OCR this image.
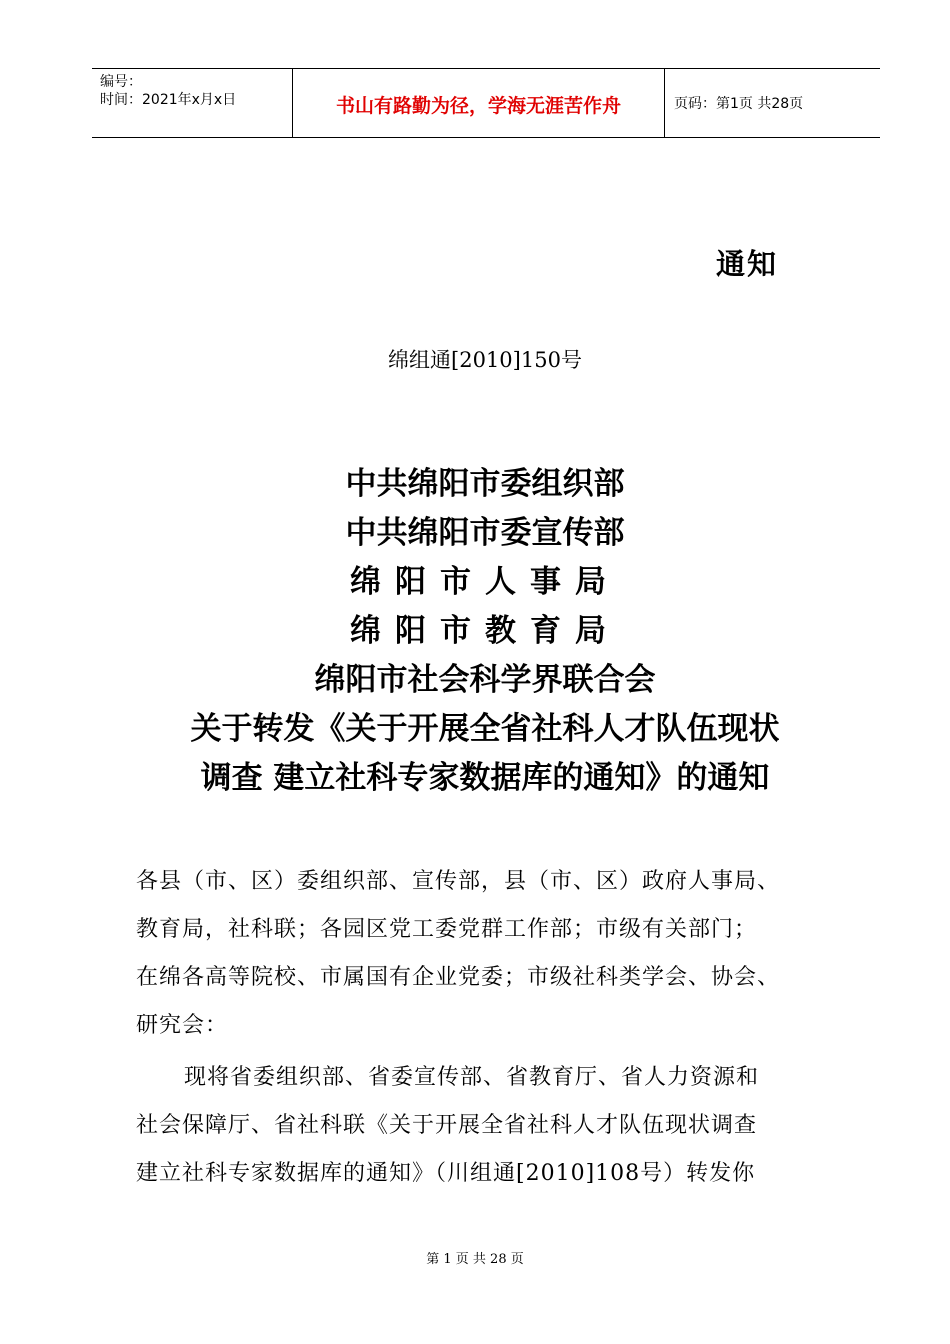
编号：
时间：2021年x月x日	书山有路勤为径，学海无涯苦作舟	页码：第1页 共28页
通知
绵组通[2010]150号
中共绵阳市委组织部
中共绵阳市委宣传部
绵阳市人事局
绵阳市教育局
绵阳市社会科学界联合会
关于转发《关于开展全省社科人才队伍现状
调查 建立社科专家数据库的通知》的通知
各县（市、区）委组织部、宣传部，县（市、区）政府人事局、
教育局，社科联；各园区党工委党群工作部；市级有关部门；
在绵各高等院校、市属国有企业党委；市级社科类学会、协会、
研究会：
现将省委组织部、省委宣传部、省教育厅、省人力资源和
社会保障厅、省社科联《关于开展全省社科人才队伍现状调查
建立社科专家数据库的通知》（川组通[2010]108号）转发你
第 1 页 共 28 页
